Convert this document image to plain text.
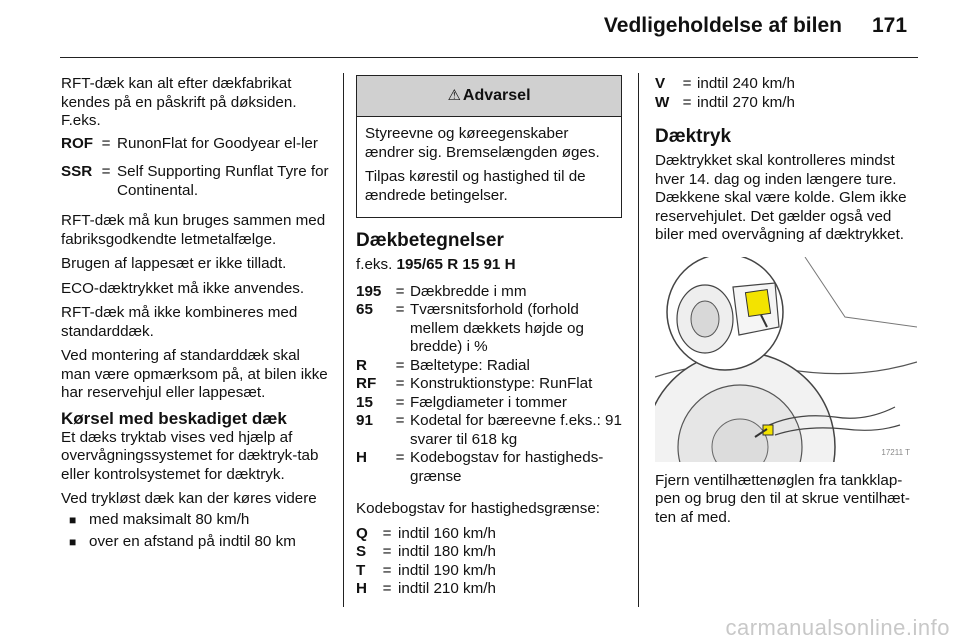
Vedligeholdelse af bilen 171

RFT-dæk kan alt efter dækfabrikat kendes på en påskrift på døksiden. F.eks.

ROF = RunonFlat for Goodyear el-ler
SSR = Self Supporting Runflat Tyre for Continental.

RFT-dæk må kun bruges sammen med fabriksgodkendte letmetalfælge.

Brugen af lappesæt er ikke tilladt.

ECO-dæktrykket må ikke anvendes.

RFT-dæk må ikke kombineres med standarddæk.

Ved montering af standarddæk skal man være opmærksom på, at bilen ikke har reservehjul eller lappesæt.

Kørsel med beskadiget dæk

Et dæks tryktab vises ved hjælp af overvågningssystemet for dæktryk-tab eller kontrolsystemet for dæktryk.

Ved trykløst dæk kan der køres videre

■ med maksimalt 80 km/h
■ over en afstand på indtil 80 km
⚠ Advarsel

Styreevne og køreegenskaber ændrer sig. Bremselængden øges.

Tilpas kørestil og hastighed til de ændrede betingelser.

Dækbetegnelser

f.eks. 195/65 R 15 91 H

195 = Dækbredde i mm
65	= Tværsnitsforhold (forhold mellem dækkets højde og bredde) i %
R	= Bæltetype: Radial
RF	= Konstruktionstype: RunFlat
15	= Fælgdiameter i tommer
91	= Kodetal for bæreevne f.eks.: 91 svarer til 618 kg
H	= Kodebogstav for hastigheds-grænse

Kodebogstav for hastighedsgrænse:

Q = indtil 160 km/h
S	= indtil 180 km/h
T	= indtil 190 km/h
H	= indtil 210 km/h
V	= indtil 240 km/h
W = indtil 270 km/h
Dæktryk

Dæktrykket skal kontrolleres mindst hver 14. dag og inden længere ture. Dækkene skal være kolde. Glem ikke reservehjulet. Det gælder også ved biler med overvågning af dæktrykket.

17211 T

Fjern ventilhættenøglen fra tankklap-pen og brug den til at skrue ventilhæt-ten af med.

carmanualsonline.info
